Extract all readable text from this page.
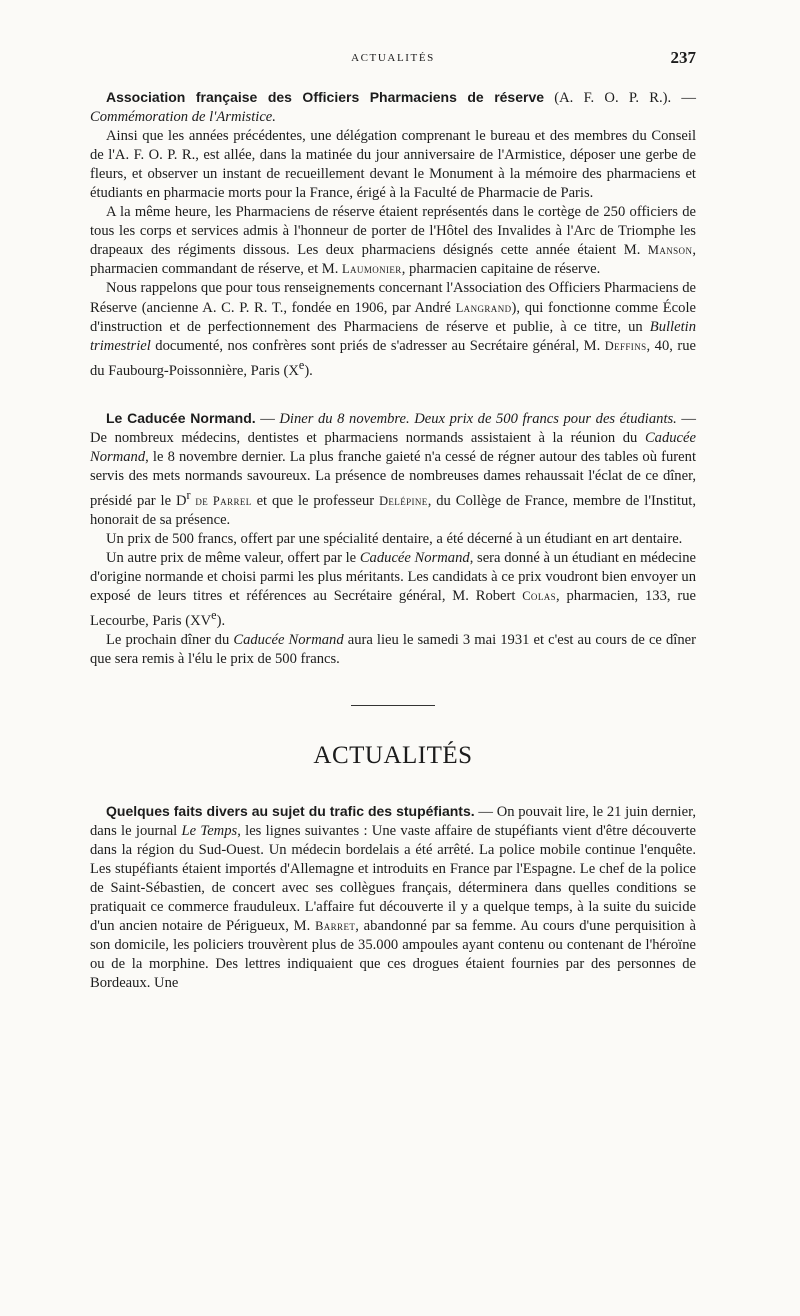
ACTUALITÉS	237

Association française des Officiers Pharmaciens de réserve (A. F. O. P. R.). — Commémoration de l'Armistice.

Ainsi que les années précédentes, une délégation comprenant le bureau et des membres du Conseil de l'A. F. O. P. R., est allée, dans la matinée du jour anniversaire de l'Armistice, déposer une gerbe de fleurs, et observer un instant de recueillement devant le Monument à la mémoire des pharmaciens et étudiants en pharmacie morts pour la France, érigé à la Faculté de Pharmacie de Paris.

A la même heure, les Pharmaciens de réserve étaient représentés dans le cortège de 250 officiers de tous les corps et services admis à l'honneur de porter de l'Hôtel des Invalides à l'Arc de Triomphe les drapeaux des régiments dissous. Les deux pharmaciens désignés cette année étaient M. Manson, pharmacien commandant de réserve, et M. Laumonier, pharmacien capitaine de réserve.

Nous rappelons que pour tous renseignements concernant l'Association des Officiers Pharmaciens de Réserve (ancienne A. C. P. R. T., fondée en 1906, par André Langrand), qui fonctionne comme École d'instruction et de perfectionnement des Pharmaciens de réserve et publie, à ce titre, un Bulletin trimestriel documenté, nos confrères sont priés de s'adresser au Secrétaire général, M. Deffins, 40, rue du Faubourg-Poissonnière, Paris (Xe).

Le Caducée Normand. — Diner du 8 novembre. Deux prix de 500 francs pour des étudiants. — De nombreux médecins, dentistes et pharmaciens normands assistaient à la réunion du Caducée Normand, le 8 novembre dernier. La plus franche gaieté n'a cessé de régner autour des tables où furent servis des mets normands savoureux. La présence de nombreuses dames rehaussait l'éclat de ce dîner, présidé par le $D^r$ de Parrel et que le professeur Delépine, du Collège de France, membre de l'Institut, honorait de sa présence.

Un prix de 500 francs, offert par une spécialité dentaire, a été décerné à un étudiant en art dentaire.

Un autre prix de même valeur, offert par le Caducée Normand, sera donné à un étudiant en médecine d'origine normande et choisi parmi les plus méritants. Les candidats à ce prix voudront bien envoyer un exposé de leurs titres et références au Secrétaire général, M. Robert Colas, pharmacien, 133, rue Lecourbe, Paris (XVe).

Le prochain dîner du Caducée Normand aura lieu le samedi 3 mai 1931 et c'est au cours de ce dîner que sera remis à l'élu le prix de 500 francs.

ACTUALITÉS

Quelques faits divers au sujet du trafic des stupéfiants. — On pouvait lire, le 21 juin dernier, dans le journal Le Temps, les lignes suivantes : Une vaste affaire de stupéfiants vient d'être découverte dans la région du Sud-Ouest. Un médecin bordelais a été arrêté. La police mobile continue l'enquête. Les stupéfiants étaient importés d'Allemagne et introduits en France par l'Espagne. Le chef de la police de Saint-Sébastien, de concert avec ses collègues français, déterminera dans quelles conditions se pratiquait ce commerce frauduleux. L'affaire fut découverte il y a quelque temps, à la suite du suicide d'un ancien notaire de Périgueux, M. Barret, abandonné par sa femme. Au cours d'une perquisition à son domicile, les policiers trouvèrent plus de 35.000 ampoules ayant contenu ou contenant de l'héroïne ou de la morphine. Des lettres indiquaient que ces drogues étaient fournies par des personnes de Bordeaux. Une
